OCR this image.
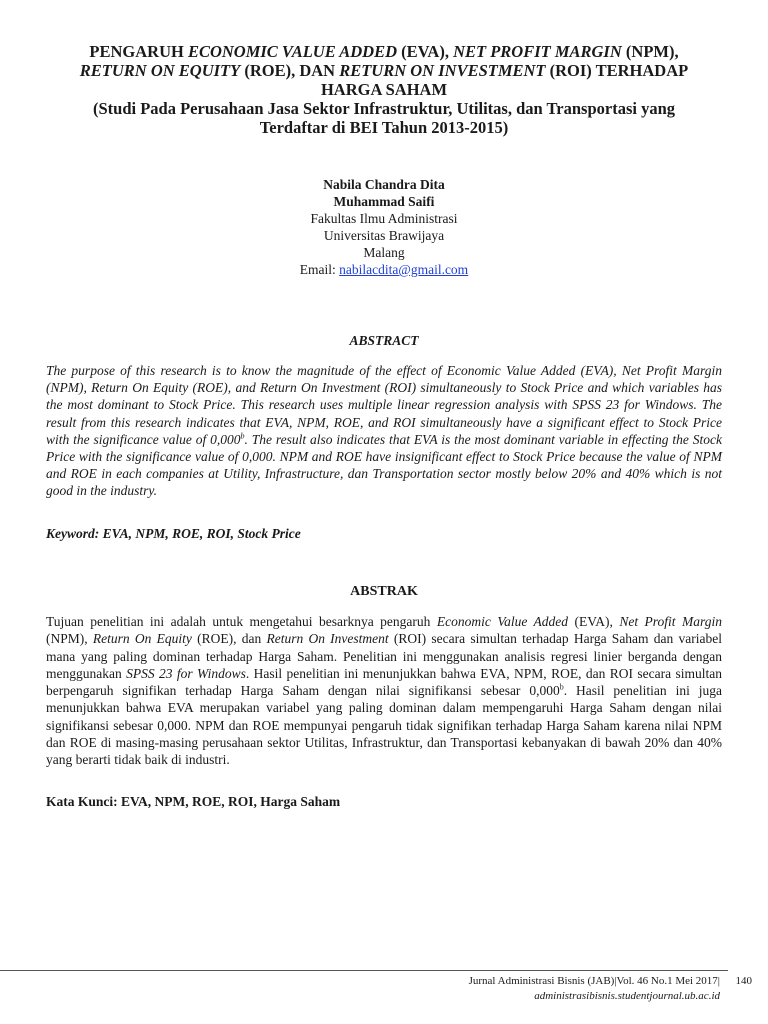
PENGARUH ECONOMIC VALUE ADDED (EVA), NET PROFIT MARGIN (NPM),
RETURN ON EQUITY (ROE), DAN RETURN ON INVESTMENT (ROI) TERHADAP
HARGA SAHAM
(Studi Pada Perusahaan Jasa Sektor Infrastruktur, Utilitas, dan Transportasi yang
Terdaftar di BEI Tahun 2013-2015)
Nabila Chandra Dita
Muhammad Saifi
Fakultas Ilmu Administrasi
Universitas Brawijaya
Malang
Email: nabilacdita@gmail.com
ABSTRACT

The purpose of this research is to know the magnitude of the effect of Economic Value Added (EVA), Net Profit Margin (NPM), Return On Equity (ROE), and Return On Investment (ROI) simultaneously to Stock Price and which variables has the most dominant to Stock Price. This research uses multiple linear regression analysis with SPSS 23 for Windows. The result from this research indicates that EVA, NPM, ROE, and ROI simultaneously have a significant effect to Stock Price with the significance value of 0,000$^b$. The result also indicates that EVA is the most dominant variable in effecting the Stock Price with the significance value of 0,000. NPM and ROE have insignificant effect to Stock Price because the value of NPM and ROE in each companies at Utility, Infrastructure, dan Transportation sector mostly below 20% and 40% which is not good in the industry.

Keyword: EVA, NPM, ROE, ROI, Stock Price

ABSTRAK

Tujuan penelitian ini adalah untuk mengetahui besarknya pengaruh Economic Value Added (EVA), Net Profit Margin (NPM), Return On Equity (ROE), dan Return On Investment (ROI) secara simultan terhadap Harga Saham dan variabel mana yang paling dominan terhadap Harga Saham. Penelitian ini menggunakan analisis regresi linier berganda dengan menggunakan SPSS 23 for Windows. Hasil penelitian ini menunjukkan bahwa EVA, NPM, ROE, dan ROI secara simultan berpengaruh signifikan terhadap Harga Saham dengan nilai signifikansi sebesar 0,000$^b$. Hasil penelitian ini juga menunjukkan bahwa EVA merupakan variabel yang paling dominan dalam mempengaruhi Harga Saham dengan nilai signifikansi sebesar 0,000. NPM dan ROE mempunyai pengaruh tidak signifikan terhadap Harga Saham karena nilai NPM dan ROE di masing-masing perusahaan sektor Utilitas, Infrastruktur, dan Transportasi kebanyakan di bawah 20% dan 40% yang berarti tidak baik di industri.

Kata Kunci: EVA, NPM, ROE, ROI, Harga Saham

Jurnal Administrasi Bisnis (JAB)|Vol. 46 No.1 Mei 2017| 140
administrasibisnis.studentjournal.ub.ac.id
